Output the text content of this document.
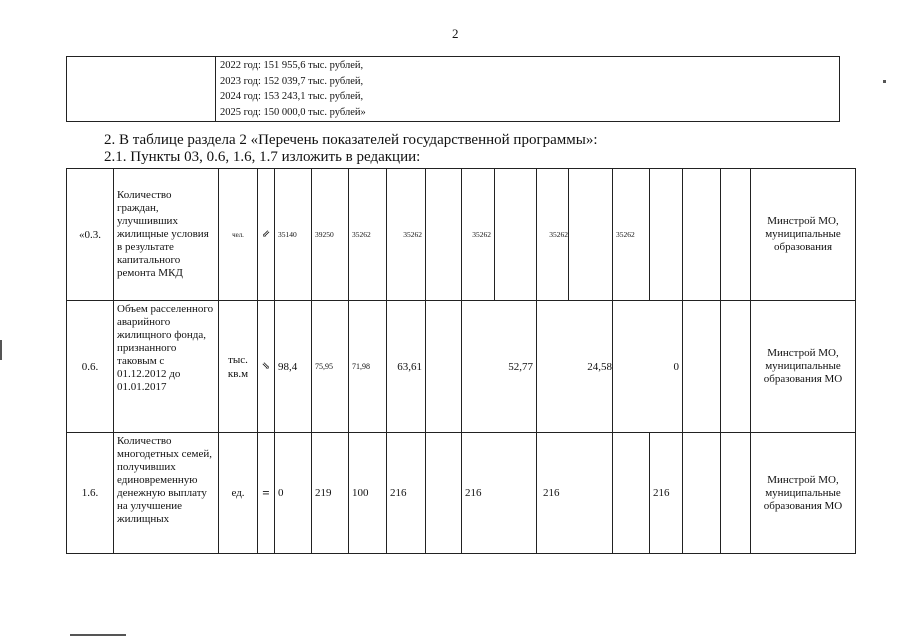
2

2022 год: 151 955,6 тыс. рублей,
2023 год: 152 039,7 тыс. рублей,
2024 год: 153 243,1 тыс. рублей,
2025 год: 150 000,0 тыс. рублей»
2. В таблице раздела 2 «Перечень показателей государственной программы»:
2.1. Пункты 03, 0.6, 1.6, 1.7 изложить в редакции:
«0.3.	Количество граждан, улучшивших жилищные условия в результате капитального ремонта МКД	чел.	⇙	35140	39250	35262	35262		35262		35262		35262				Минстрой МО, муниципальные образования
0.6.	Объем расселенного аварийного жилищного фонда, признанного таковым с 01.12.2012 до 01.01.2017	тыс. кв.м	⇘	98,4	75,95	71,98	63,61		52,77		24,58		0				Минстрой МО, муниципальные образования МО
1.6.	Количество многодетных семей, получивших единовременную денежную выплату на улучшение жилищных	ед.	=	0	219	100	216		216		216			216			Минстрой МО, муниципальные образования МО
